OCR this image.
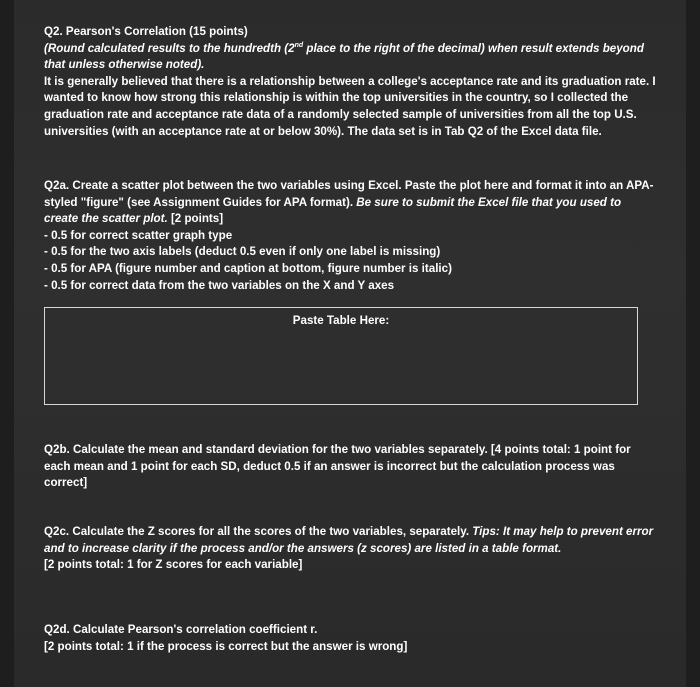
Q2. Pearson's Correlation (15 points)
(Round calculated results to the hundredth (2nd place to the right of the decimal) when result extends beyond that unless otherwise noted).
It is generally believed that there is a relationship between a college's acceptance rate and its graduation rate. I wanted to know how strong this relationship is within the top universities in the country, so I collected the graduation rate and acceptance rate data of a randomly selected sample of universities from all the top U.S. universities (with an acceptance rate at or below 30%). The data set is in Tab Q2 of the Excel data file.
Q2a. Create a scatter plot between the two variables using Excel. Paste the plot here and format it into an APA-styled "figure" (see Assignment Guides for APA format). Be sure to submit the Excel file that you used to create the scatter plot. [2 points]
- 0.5 for correct scatter graph type
- 0.5 for the two axis labels (deduct 0.5 even if only one label is missing)
- 0.5 for APA (figure number and caption at bottom, figure number is italic)
- 0.5 for correct data from the two variables on the X and Y axes
Paste Table Here:
Q2b. Calculate the mean and standard deviation for the two variables separately. [4 points total: 1 point for each mean and 1 point for each SD, deduct 0.5 if an answer is incorrect but the calculation process was correct]
Q2c. Calculate the Z scores for all the scores of the two variables, separately. Tips: It may help to prevent error and to increase clarity if the process and/or the answers (z scores) are listed in a table format.
[2 points total: 1 for Z scores for each variable]
Q2d. Calculate Pearson's correlation coefficient r.
[2 points total: 1 if the process is correct but the answer is wrong]
